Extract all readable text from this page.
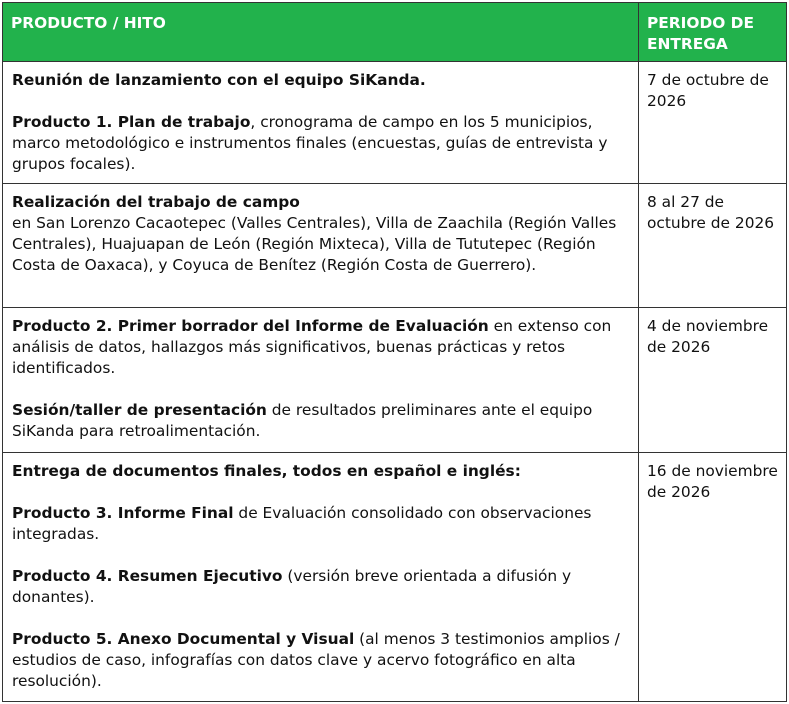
PRODUCTO / HITO	PERIODO DE ENTREGA

Reunión de lanzamiento con el equipo SiKanda.

Producto 1. Plan de trabajo, cronograma de campo en los 5 municipios, marco metodológico e instrumentos finales (encuestas, guías de entrevista y grupos focales).	7 de octubre de 2026

Realización del trabajo de campo
en San Lorenzo Cacaotepec (Valles Centrales), Villa de Zaachila (Región Valles Centrales), Huajuapan de León (Región Mixteca), Villa de Tututepec (Región Costa de Oaxaca), y Coyuca de Benítez (Región Costa de Guerrero).	8 al 27 de octubre de 2026

Producto 2. Primer borrador del Informe de Evaluación en extenso con análisis de datos, hallazgos más significativos, buenas prácticas y retos identificados.

Sesión/taller de presentación de resultados preliminares ante el equipo SiKanda para retroalimentación.	4 de noviembre de 2026

Entrega de documentos finales, todos en español e inglés:

Producto 3. Informe Final de Evaluación consolidado con observaciones integradas.

Producto 4. Resumen Ejecutivo (versión breve orientada a difusión y donantes).

Producto 5. Anexo Documental y Visual (al menos 3 testimonios amplios / estudios de caso, infografías con datos clave y acervo fotográfico en alta resolución).	16 de noviembre de 2026
